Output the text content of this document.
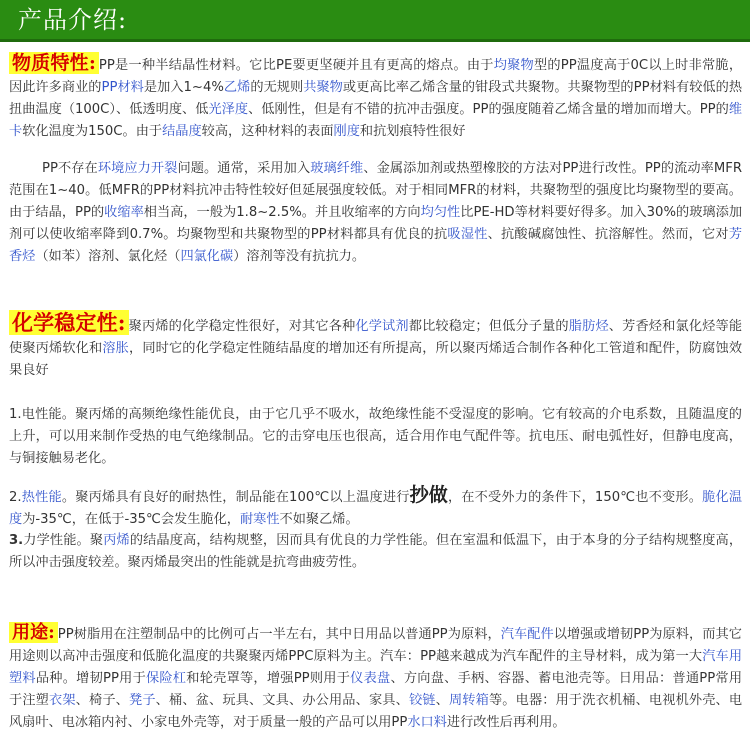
产品介绍:

物质特性: PP是一种半结晶性材料。它比PE要更坚硬并且有更高的熔点。由于均聚物型的PP温度高于0C以上时非常脆，因此许多商业的PP材料是加入1~4%乙烯的无规则共聚物或更高比率乙烯含量的钳段式共聚物。共聚物型的PP材料有较低的热扭曲温度（100C）、低透明度、低光泽度、低刚性，但是有不错的抗冲击强度。PP的强度随着乙烯含量的增加而增大。PP的维卡软化温度为150C。由于结晶度较高，这种材料的表面刚度和抗划痕特性很好

PP不存在环境应力开裂问题。通常，采用加入玻璃纤维、金属添加剂或热塑橡胶的方法对PP进行改性。PP的流动率MFR范围在1~40。低MFR的PP材料抗冲击特性较好但延展强度较低。对于相同MFR的材料，共聚物型的强度比均聚物型的要高。由于结晶，PP的收缩率相当高，一般为1.8~2.5%。并且收缩率的方向均匀性比PE-HD等材料要好得多。加入30%的玻璃添加剂可以使收缩率降到0.7%。均聚物型和共聚物型的PP材料都具有优良的抗吸湿性、抗酸碱腐蚀性、抗溶解性。然而，它对芳香烃（如苯）溶剂、氯化烃（四氯化碳）溶剂等没有抗抗力。

化学稳定性: 聚丙烯的化学稳定性很好，对其它各种化学试剂都比较稳定；但低分子量的脂肪烃、芳香烃和氯化烃等能使聚丙烯软化和溶胀，同时它的化学稳定性随结晶度的增加还有所提高，所以聚丙烯适合制作各种化工管道和配件，防腐蚀效果良好

1.电性能。聚丙烯的高频绝缘性能优良，由于它几乎不吸水，故绝缘性能不受湿度的影响。它有较高的介电系数，且随温度的上升，可以用来制作受热的电气绝缘制品。它的击穿电压也很高，适合用作电气配件等。抗电压、耐电弧性好，但静电度高，与铜接触易老化。

2.热性能。聚丙烯具有良好的耐热性，制品能在100℃以上温度进行抄做，在不受外力的条件下，150℃也不变形。脆化温度为-35℃，在低于-35℃会发生脆化，耐寒性不如聚乙烯。

3.力学性能。聚丙烯的结晶度高，结构规整，因而具有优良的力学性能。但在室温和低温下，由于本身的分子结构规整度高，所以冲击强度较差。聚丙烯最突出的性能就是抗弯曲疲劳性。

用途: PP树脂用在注塑制品中的比例可占一半左右，其中日用品以普通PP为原料，汽车配件以增强或增韧PP为原料，而其它用途则以高冲击强度和低脆化温度的共聚聚丙烯PPC原料为主。汽车：PP越来越成为汽车配件的主导材料，成为第一大汽车用塑料品种。增韧PP用于保险杠和轮壳罩等，增强PP则用于仪表盘、方向盘、手柄、容器、蓄电池壳等。日用品：普通PP常用于注塑衣架、椅子、凳子、桶、盆、玩具、文具、办公用品、家具、铰链、周转箱等。电器：用于洗衣机桶、电视机外壳、电风扇叶、电冰箱内衬、小家电外壳等，对于质量一般的产品可以用PP水口料进行改性后再利用。
